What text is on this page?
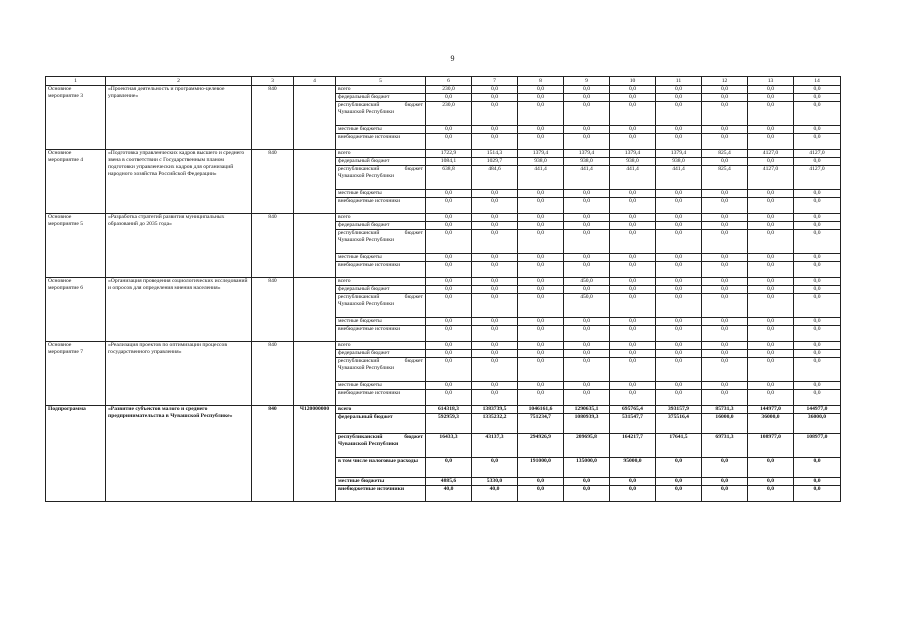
9
1	2	3	4	5	6	7	8	9	10	11	12	13	14
Основное мероприятие 3	«Проектная деятельность и программно-целевое управление»	840		всего	230,0	0,0	0,0	0,0	0,0	0,0	0,0	0,0	0,0
				федеральный бюджет	0,0	0,0	0,0	0,0	0,0	0,0	0,0	0,0	0,0
				республиканский бюджет Чувашской Республики	230,0	0,0	0,0	0,0	0,0	0,0	0,0	0,0	0,0
				местные бюджеты	0,0	0,0	0,0	0,0	0,0	0,0	0,0	0,0	0,0
				внебюджетные источники	0,0	0,0	0,0	0,0	0,0	0,0	0,0	0,0	0,0
Основное мероприятие 4	«Подготовка управленческих кадров высшего и среднего звена в соответствии с Государственным планом подготовки управленческих кадров для организаций народного хозяйства Российской Федерации»	840		всего	1722,9	1514,3	1379,4	1379,4	1379,4	1379,4	825,4	4127,0	4127,0
				федеральный бюджет	1084,1	1029,7	938,0	938,0	938,0	938,0	0,0	0,0	0,0
				республиканский бюджет Чувашской Республики	638,8	484,6	441,4	441,4	441,4	441,4	825,4	4127,0	4127,0
				местные бюджеты	0,0	0,0	0,0	0,0	0,0	0,0	0,0	0,0	0,0
				внебюджетные источники	0,0	0,0	0,0	0,0	0,0	0,0	0,0	0,0	0,0
Основное мероприятие 5	«Разработка стратегий развития муниципальных образований до 2035 года»	840		всего	0,0	0,0	0,0	0,0	0,0	0,0	0,0	0,0	0,0
				федеральный бюджет	0,0	0,0	0,0	0,0	0,0	0,0	0,0	0,0	0,0
				республиканский бюджет Чувашской Республики	0,0	0,0	0,0	0,0	0,0	0,0	0,0	0,0	0,0
				местные бюджеты	0,0	0,0	0,0	0,0	0,0	0,0	0,0	0,0	0,0
				внебюджетные источники	0,0	0,0	0,0	0,0	0,0	0,0	0,0	0,0	0,0
Основное мероприятие 6	«Организация проведения социологических исследований и опросов для определения мнения населения»	840		всего	0,0	0,0	0,0	450,0	0,0	0,0	0,0	0,0	0,0
				федеральный бюджет	0,0	0,0	0,0	0,0	0,0	0,0	0,0	0,0	0,0
				республиканский бюджет Чувашской Республики	0,0	0,0	0,0	450,0	0,0	0,0	0,0	0,0	0,0
				местные бюджеты	0,0	0,0	0,0	0,0	0,0	0,0	0,0	0,0	0,0
				внебюджетные источники	0,0	0,0	0,0	0,0	0,0	0,0	0,0	0,0	0,0
Основное мероприятие 7	«Реализация проектов по оптимизации процессов государственного управления»	840		всего	0,0	0,0	0,0	0,0	0,0	0,0	0,0	0,0	0,0
				федеральный бюджет	0,0	0,0	0,0	0,0	0,0	0,0	0,0	0,0	0,0
				республиканский бюджет Чувашской Республики	0,0	0,0	0,0	0,0	0,0	0,0	0,0	0,0	0,0
				местные бюджеты	0,0	0,0	0,0	0,0	0,0	0,0	0,0	0,0	0,0
				внебюджетные источники	0,0	0,0	0,0	0,0	0,0	0,0	0,0	0,0	0,0
Подпрограмма	«Развитие субъектов малого и среднего предпринимательства в Чувашской Республике»	840	Ч120000000	всего	614318,3	1383739,5	1046161,6	1290635,1	695765,4	393157,9	85731,3	144977,0	144977,0
				федеральный бюджет	592959,3	1335232,2	751234,7	1080939,3	531547,7	375516,4	16000,0	36000,0	36000,0
				республиканский бюджет Чувашской Республики	16433,3	43137,3	294926,9	209695,8	164217,7	17641,5	69731,3	108977,0	108977,0
				в том числе налоговые расходы	0,0	0,0	191000,0	135000,0	95000,0	0,0	0,0	0,0	0,0
				местные бюджеты	4885,6	5330,0	0,0	0,0	0,0	0,0	0,0	0,0	0,0
				внебюджетные источники	40,0	40,0	0,0	0,0	0,0	0,0	0,0	0,0	0,0
